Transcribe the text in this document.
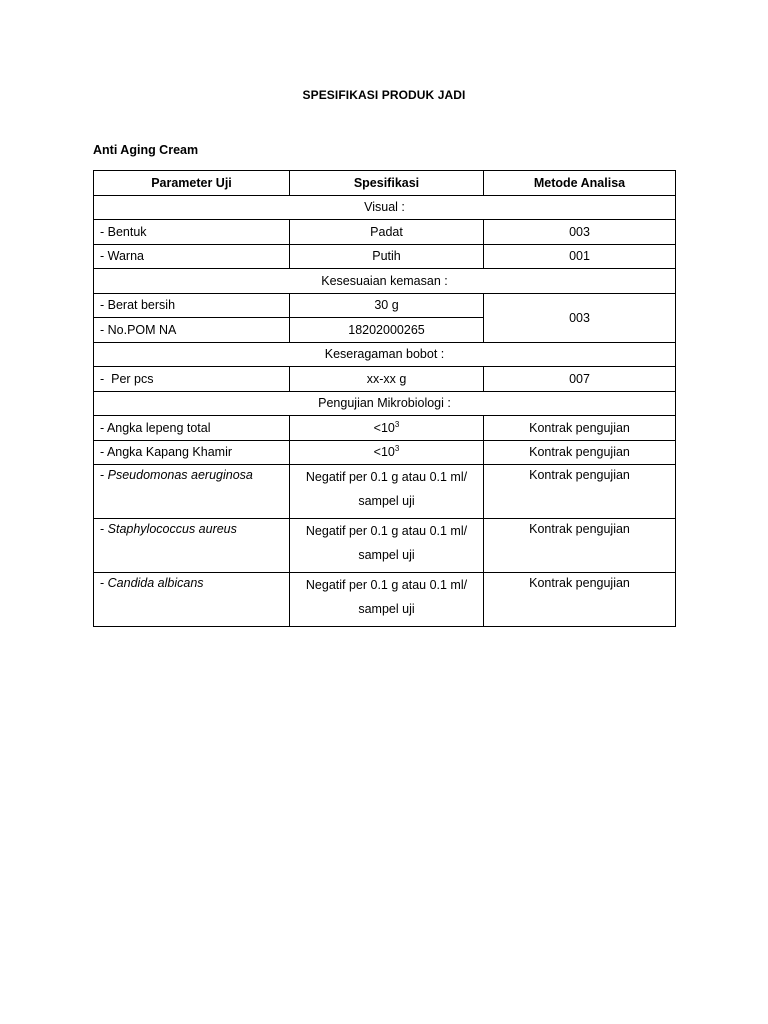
SPESIFIKASI PRODUK JADI
Anti Aging Cream
Parameter Uji	Spesifikasi	Metode Analisa
Visual :		
- Bentuk	Padat	003
- Warna	Putih	001
Kesesuaian kemasan :		
- Berat bersih	30 g	003
- No.POM NA	18202000265	
Keseragaman bobot :		
-  Per pcs	xx-xx g	007
Pengujian Mikrobiologi :		
- Angka lepeng total	$<10^3$	Kontrak pengujian
- Angka Kapang Khamir	$<10^3$	Kontrak pengujian
- Pseudomonas aeruginosa	Negatif per 0.1 g atau 0.1 ml/
sampel uji	Kontrak pengujian
- Staphylococcus aureus	Negatif per 0.1 g atau 0.1 ml/
sampel uji	Kontrak pengujian
- Candida albicans	Negatif per 0.1 g atau 0.1 ml/
sampel uji	Kontrak pengujian
